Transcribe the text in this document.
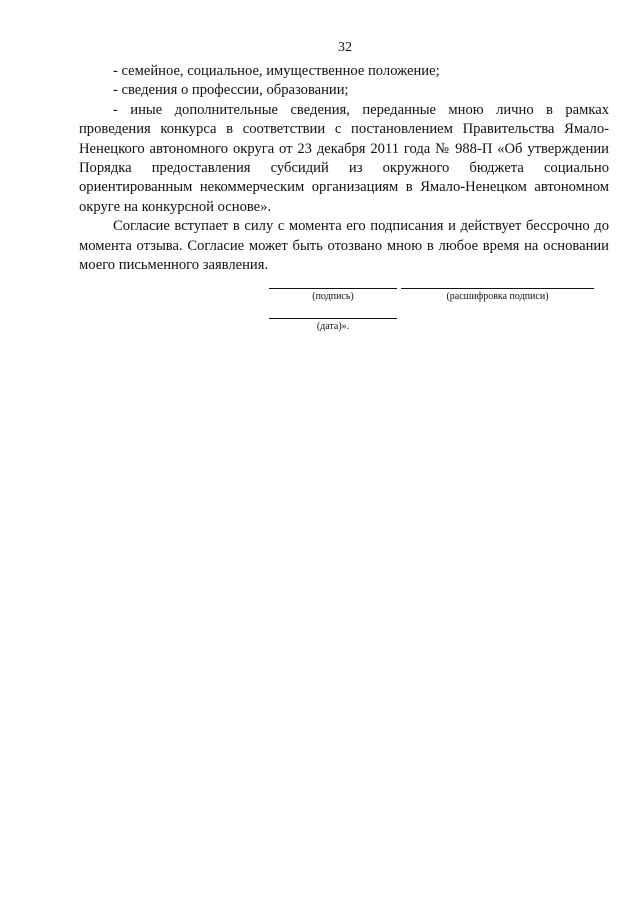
32

- семейное, социальное, имущественное положение;

- сведения о профессии, образовании;

- иные дополнительные сведения, переданные мною лично в рамках проведения конкурса в соответствии с постановлением Правительства Ямало-Ненецкого автономного округа от 23 декабря 2011 года № 988-П «Об утверждении Порядка предоставления субсидий из окружного бюджета социально ориентированным некоммерческим организациям в Ямало-Ненецком автономном округе на конкурсной основе».

Согласие вступает в силу с момента его подписания и действует бессрочно до момента отзыва. Согласие может быть отозвано мною в любое время на основании моего письменного заявления.

(подпись)	(расшифровка подписи)
(дата)».
